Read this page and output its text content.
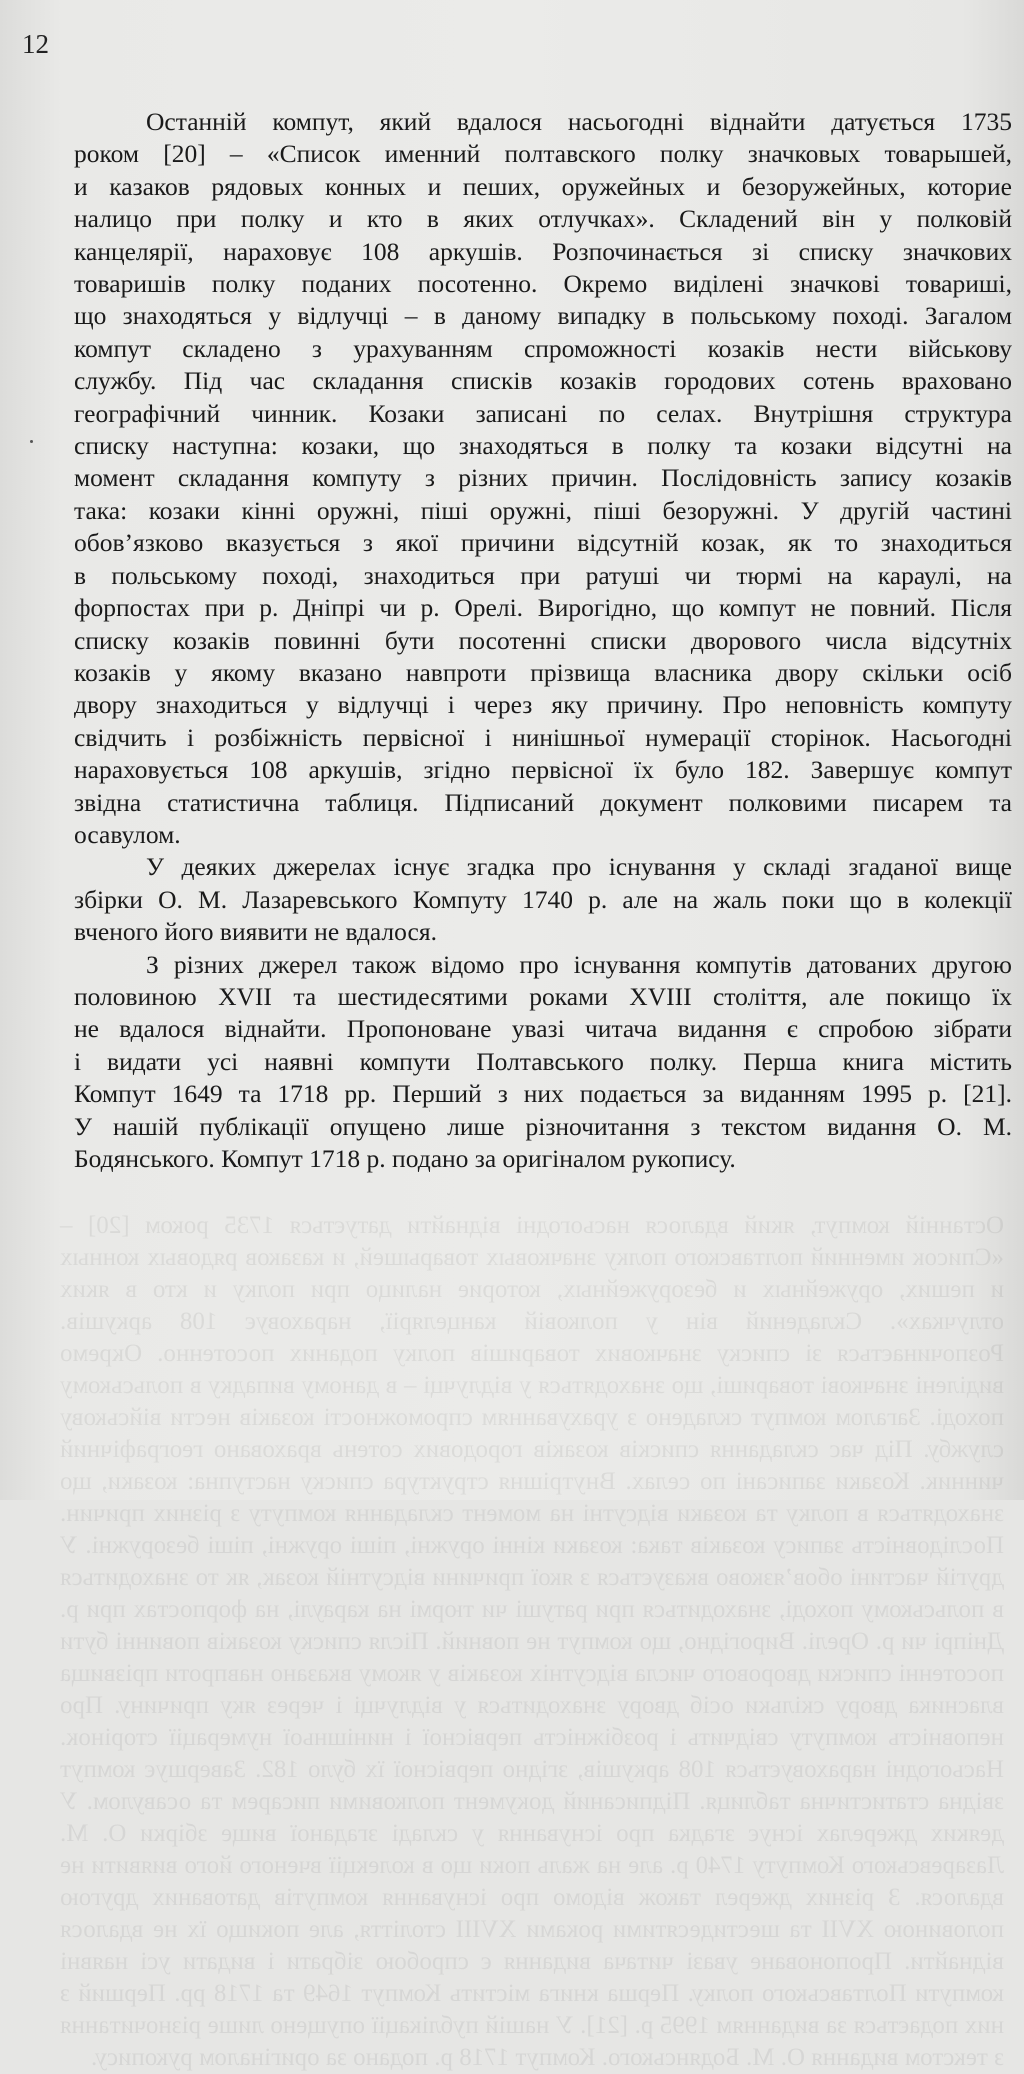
Останній компут, який вдалося насьогодні віднайти датується 1735 роком [20] – «Список именний полтавского полку значковых товарышей, и казаков рядовых конных и пеших, оружейных и безоружейных, которие налицо при полку и кто в яких отлучках». Складений він у полковій канцелярії, нараховує 108 аркушів. Розпочинається зі списку значкових товаришів полку поданих посотенно. Окремо виділені значкові товариші, що знаходяться у відлучці – в даному випадку в польському поході. Загалом компут складено з урахуванням спроможності козаків нести військову службу. Під час складання списків козаків городових сотень враховано географічний чинник. Козаки записані по селах. Внутрішня структура списку наступна: козаки, що знаходяться в полку та козаки відсутні на момент складання компуту з різних причин. Послідовність запису козаків така: козаки кінні оружні, піші оружні, піші безоружні. У другій частині обов’язково вказується з якої причини відсутній козак, як то знаходиться в польському поході, знаходиться при ратуші чи тюрмі на караулі, на форпостах при р. Дніпрі чи р. Орелі. Вирогідно, що компут не повний. Після списку козаків повинні бути посотенні списки дворового числа відсутніх козаків у якому вказано навпроти прізвища власника двору скільки осіб двору знаходиться у відлучці і через яку причину. Про неповність компуту свідчить і розбіжність первісної і нинішньої нумерації сторінок. Насьогодні нараховується 108 аркушів, згідно первісної їх було 182. Завершує компут звідна статистична таблиця. Підписаний документ полковими писарем та осавулом. У деяких джерелах існує згадка про існування у складі згаданої вище збірки О. М. Лазаревського Компуту 1740 р. але на жаль поки що в колекції вченого його виявити не вдалося. З різних джерел також відомо про існування компутів датованих другою половиною XVII та шестидесятими роками XVIII століття, але покищо їх не вдалося віднайти. Пропоноване увазі читача видання є спробою зібрати і видати усі наявні компути Полтавського полку. Перша книга містить Компут 1649 та 1718 рр. Перший з них подається за виданням 1995 р. [21]. У нашій публікації опущено лише різночитання з текстом видання О. М. Бодянського. Компут 1718 р. подано за оригіналом рукопису.
12

Останній компут, який вдалося насьогодні віднайти датується 1735
роком [20] – «Список именний полтавского полку значковых товарышей,
и казаков рядовых конных и пеших, оружейных и безоружейных, которие
налицо при полку и кто в яких отлучках». Складений він у полковій
канцелярії, нараховує 108 аркушів. Розпочинається зі списку значкових
товаришів полку поданих посотенно. Окремо виділені значкові товариші,
що знаходяться у відлучці – в даному випадку в польському поході. Загалом
компут складено з урахуванням спроможності козаків нести військову
службу. Під час складання списків козаків городових сотень враховано
географічний чинник. Козаки записані по селах. Внутрішня структура
списку наступна: козаки, що знаходяться в полку та козаки відсутні на
момент складання компуту з різних причин. Послідовність запису козаків
така: козаки кінні оружні, піші оружні, піші безоружні. У другій частині
обов’язково вказується з якої причини відсутній козак, як то знаходиться
в польському поході, знаходиться при ратуші чи тюрмі на караулі, на
форпостах при р. Дніпрі чи р. Орелі. Вирогідно, що компут не повний. Після
списку козаків повинні бути посотенні списки дворового числа відсутніх
козаків у якому вказано навпроти прізвища власника двору скільки осіб
двору знаходиться у відлучці і через яку причину. Про неповність компуту
свідчить і розбіжність первісної і нинішньої нумерації сторінок. Насьогодні
нараховується 108 аркушів, згідно первісної їх було 182. Завершує компут
звідна статистична таблиця. Підписаний документ полковими писарем та
осавулом.

У деяких джерелах існує згадка про існування у складі згаданої вище
збірки О. М. Лазаревського Компуту 1740 р. але на жаль поки що в колекції
вченого його виявити не вдалося.

З різних джерел також відомо про існування компутів датованих другою
половиною XVII та шестидесятими роками XVIII століття, але покищо їх
не вдалося віднайти. Пропоноване увазі читача видання є спробою зібрати
і видати усі наявні компути Полтавського полку. Перша книга містить
Компут 1649 та 1718 рр. Перший з них подається за виданням 1995 р. [21].
У нашій публікації опущено лише різночитання з текстом видання О. М.
Бодянського. Компут 1718 р. подано за оригіналом рукопису.
